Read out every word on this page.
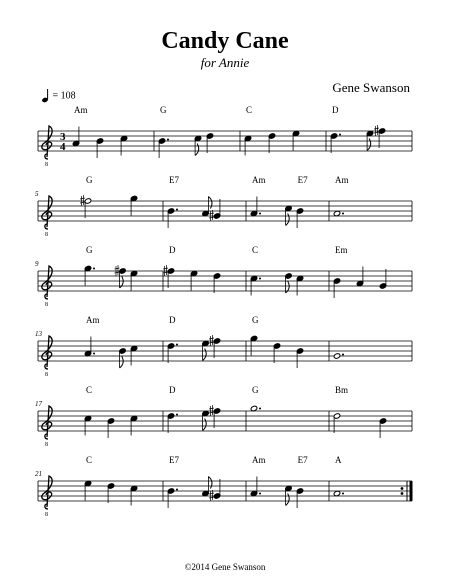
Candy Cane
for Annie
Gene Swanson
= 108
8
3
4
Am	G	C	D
8
5
G	E7	Am	E7	Am
8
9
G	D	C	Em
8
13
Am	D	G
8
17
C	D	G	Bm
8
21
C	E7	Am	E7	A
©2014 Gene Swanson
